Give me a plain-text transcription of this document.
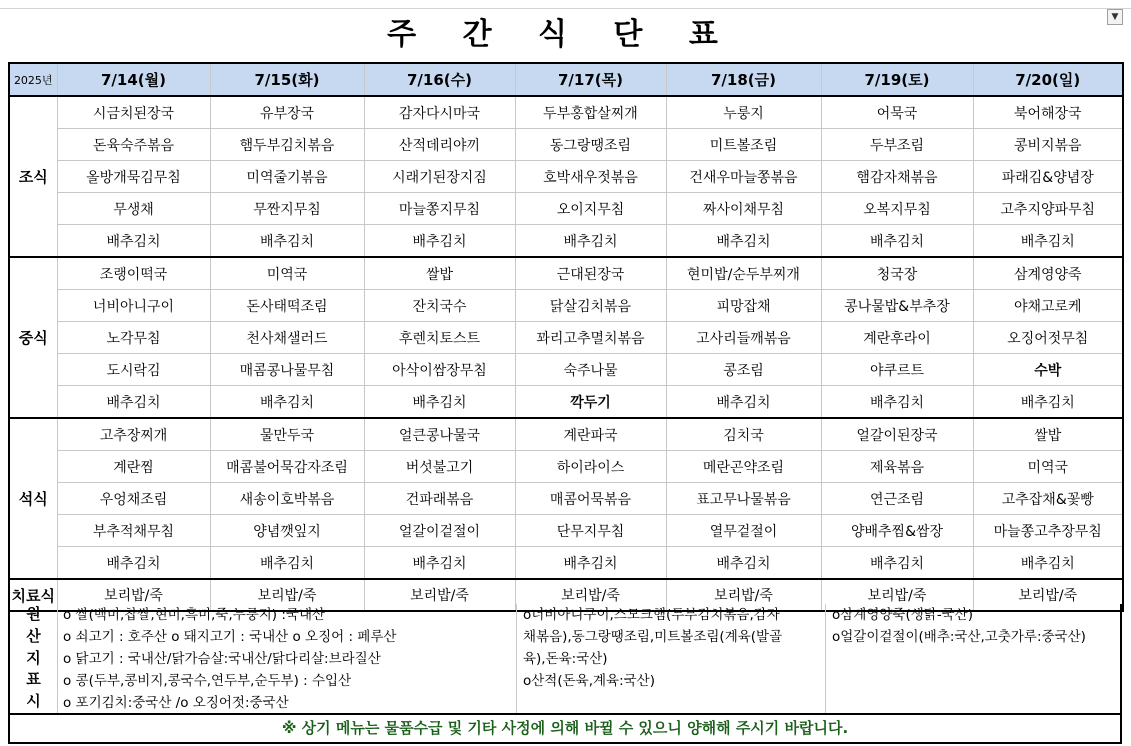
▼
주 간 식 단 표
2025년	7/14(월)	7/15(화)	7/16(수)	7/17(목)	7/18(금)	7/19(토)	7/20(일)
조식	시금치된장국	유부장국	감자다시마국	두부홍합살찌개	누룽지	어묵국	북어해장국
	돈육숙주볶음	햄두부김치볶음	산적데리야끼	동그랑땡조림	미트볼조림	두부조림	콩비지볶음
	올방개묵김무침	미역줄기볶음	시래기된장지짐	호박새우젓볶음	건새우마늘쫑볶음	햄감자채볶음	파래김&양념장
	무생채	무짠지무침	마늘쫑지무침	오이지무침	짜사이채무침	오복지무침	고추지양파무침
	배추김치	배추김치	배추김치	배추김치	배추김치	배추김치	배추김치
중식	조랭이떡국	미역국	쌀밥	근대된장국	현미밥/순두부찌개	청국장	삼계영양죽
	너비아니구이	돈사태떡조림	잔치국수	닭살김치볶음	피망잡채	콩나물밥&부추장	야채고로케
	노각무침	천사채샐러드	후렌치토스트	꽈리고추멸치볶음	고사리들깨볶음	계란후라이	오징어젓무침
	도시락김	매콤콩나물무침	아삭이쌈장무침	숙주나물	콩조림	야쿠르트	수박
	배추김치	배추김치	배추김치	깍두기	배추김치	배추김치	배추김치
석식	고추장찌개	물만두국	얼큰콩나물국	계란파국	김치국	얼갈이된장국	쌀밥
	계란찜	매콤불어묵감자조림	버섯불고기	하이라이스	메란곤약조림	제육볶음	미역국
	우엉채조림	새송이호박볶음	건파래볶음	매콤어묵볶음	표고무나물볶음	연근조림	고추잡채&꽃빵
	부추적채무침	양념깻잎지	얼갈이겉절이	단무지무침	열무겉절이	양배추찜&쌈장	마늘쫑고추장무침
	배추김치	배추김치	배추김치	배추김치	배추김치	배추김치	배추김치
치료식	보리밥/죽	보리밥/죽	보리밥/죽	보리밥/죽	보리밥/죽	보리밥/죽	보리밥/죽
원
산
지
표
시
o 쌀(백미,찹쌀,현미,흑미,죽,누룽지) :국내산
o 쇠고기 : 호주산 o 돼지고기 : 국내산 o 오징어 : 페루산
o 닭고기 : 국내산/닭가슴살:국내산/닭다리살:브라질산
o 콩(두부,콩비지,콩국수,연두부,순두부) : 수입산
o 포기김치:중국산 /o 오징어젓:중국산
o너비아니구이,스모크햄(두부김치볶음,감자
채볶음),동그랑땡조림,미트볼조림(계육(발골
육),돈육:국산)
o산적(돈육,계육:국산)
o삼계영양죽(생닭-국산)
o얼갈이겉절이(배추:국산,고춧가루:중국산)
※ 상기 메뉴는 물품수급 및 기타 사정에 의해 바뀔 수 있으니 양해해 주시기 바랍니다.
